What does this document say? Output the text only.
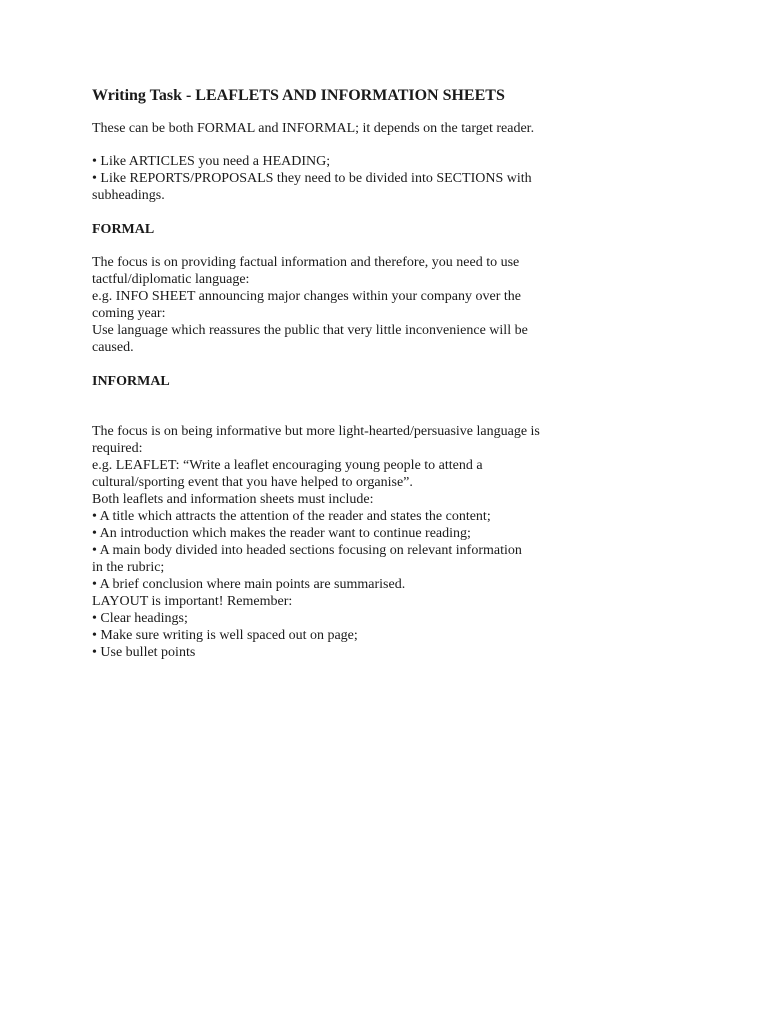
Writing Task - LEAFLETS AND INFORMATION SHEETS

These can be both FORMAL and INFORMAL; it depends on the target reader.

• Like ARTICLES you need a HEADING;
• Like REPORTS/PROPOSALS they need to be divided into SECTIONS with
subheadings.

FORMAL

The focus is on providing factual information and therefore, you need to use
tactful/diplomatic language:
e.g. INFO SHEET announcing major changes within your company over the
coming year:
Use language which reassures the public that very little inconvenience will be
caused.

INFORMAL

The focus is on being informative but more light-hearted/persuasive language is
required:
e.g. LEAFLET: “Write a leaflet encouraging young people to attend a
cultural/sporting event that you have helped to organise”.
Both leaflets and information sheets must include:
• A title which attracts the attention of the reader and states the content;
• An introduction which makes the reader want to continue reading;
• A main body divided into headed sections focusing on relevant information
in the rubric;
• A brief conclusion where main points are summarised.
LAYOUT is important! Remember:
• Clear headings;
• Make sure writing is well spaced out on page;
• Use bullet points
